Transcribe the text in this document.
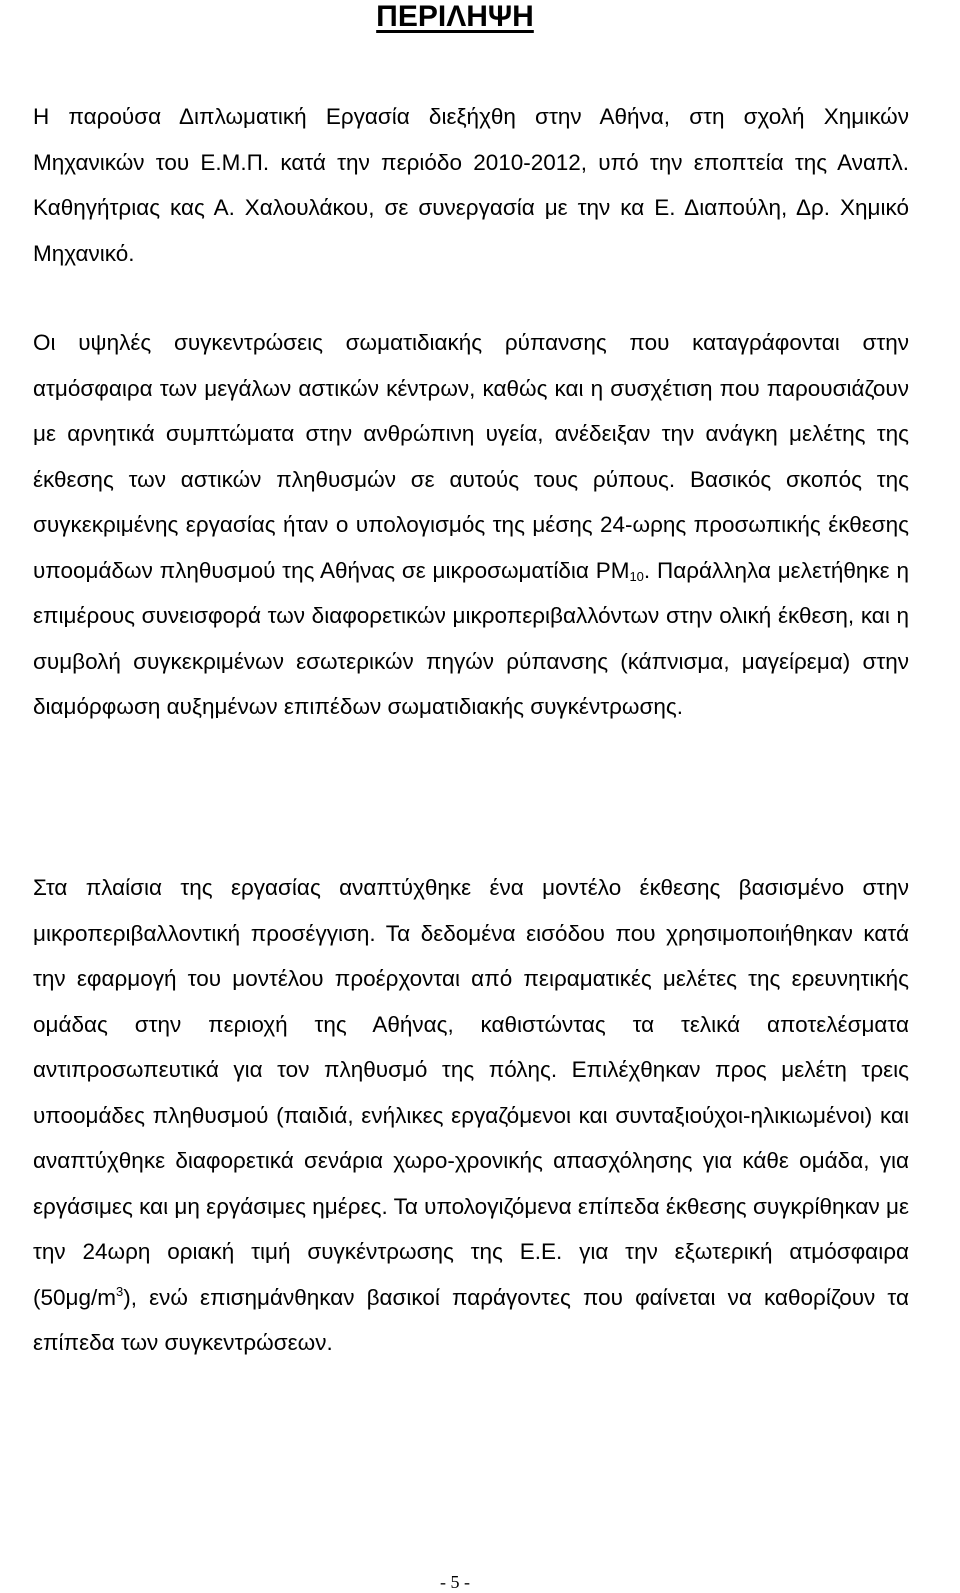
ΠΕΡΙΛΗΨΗ

Η παρούσα Διπλωματική Εργασία διεξήχθη στην Αθήνα, στη σχολή Χημικών Μηχανικών του Ε.Μ.Π. κατά την περιόδο 2010-2012, υπό την εποπτεία της Αναπλ. Καθηγήτριας κας Α. Χαλουλάκου, σε συνεργασία με την κα Ε. Διαπούλη, Δρ. Χημικό Μηχανικό.

Οι υψηλές συγκεντρώσεις σωματιδιακής ρύπανσης που καταγράφονται στην ατμόσφαιρα των μεγάλων αστικών κέντρων, καθώς και η συσχέτιση που παρουσιάζουν με αρνητικά συμπτώματα στην ανθρώπινη υγεία, ανέδειξαν την ανάγκη μελέτης της έκθεσης των αστικών πληθυσμών σε αυτούς τους ρύπους. Βασικός σκοπός της συγκεκριμένης εργασίας ήταν ο υπολογισμός της μέσης 24-ωρης προσωπικής έκθεσης υποομάδων πληθυσμού της Αθήνας σε μικροσωματίδια $PM_{10}$. Παράλληλα μελετήθηκε η επιμέρους συνεισφορά των διαφορετικών μικροπεριβαλλόντων στην ολική έκθεση, και η συμβολή συγκεκριμένων εσωτερικών πηγών ρύπανσης (κάπνισμα, μαγείρεμα) στην διαμόρφωση αυξημένων επιπέδων σωματιδιακής συγκέντρωσης.

Στα πλαίσια της εργασίας αναπτύχθηκε ένα μοντέλο έκθεσης βασισμένο στην μικροπεριβαλλοντική προσέγγιση. Τα δεδομένα εισόδου που χρησιμοποιήθηκαν κατά την εφαρμογή του μοντέλου προέρχονται από πειραματικές μελέτες της ερευνητικής ομάδας στην περιοχή της Αθήνας, καθιστώντας τα τελικά αποτελέσματα αντιπροσωπευτικά για τον πληθυσμό της πόλης. Επιλέχθηκαν προς μελέτη τρεις υποομάδες πληθυσμού (παιδιά, ενήλικες εργαζόμενοι και συνταξιούχοι-ηλικιωμένοι) και αναπτύχθηκε διαφορετικά σενάρια χωρο-χρονικής απασχόλησης για κάθε ομάδα, για εργάσιμες και μη εργάσιμες ημέρες. Τα υπολογιζόμενα επίπεδα έκθεσης συγκρίθηκαν με την 24ωρη οριακή τιμή συγκέντρωσης της Ε.Ε. για την εξωτερική ατμόσφαιρα $(50\mu g/m^3)$, ενώ επισημάνθηκαν βασικοί παράγοντες που φαίνεται να καθορίζουν τα επίπεδα των συγκεντρώσεων.

- 5 -
